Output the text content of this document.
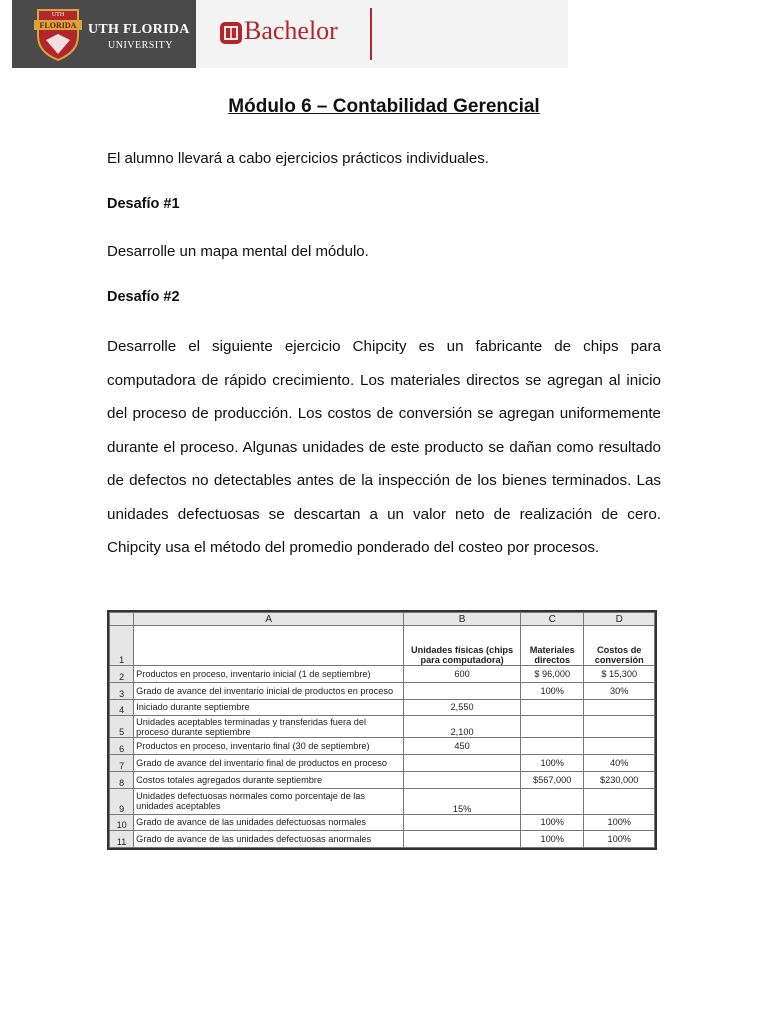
UTH
FLORIDA UTH FLORIDA
UNIVERSITY
Bachelor
Módulo 6 – Contabilidad Gerencial
El alumno llevará a cabo ejercicios prácticos individuales.
Desafío #1
Desarrolle un mapa mental del módulo.
Desafío #2
Desarrolle el siguiente ejercicio Chipcity es un fabricante de chips para computadora de rápido crecimiento. Los materiales directos se agregan al inicio del proceso de producción. Los costos de conversión se agregan uniformemente durante el proceso. Algunas unidades de este producto se dañan como resultado de defectos no detectables antes de la inspección de los bienes terminados. Las unidades defectuosas se descartan a un valor neto de realización de cero. Chipcity usa el método del promedio ponderado del costeo por procesos.
	A	B	C	D
1		Unidades físicas (chips para computadora)	Materiales directos	Costos de conversión
2	Productos en proceso, inventario inicial (1 de septiembre)	600	$ 96,000	$ 15,300
3	Grado de avance del inventario inicial de productos en proceso		100%	30%
4	Iniciado durante septiembre	2,550		
5	Unidades aceptables terminadas y transferidas fuera del proceso durante septiembre	2,100		
6	Productos en proceso, inventario final (30 de septiembre)	450		
7	Grado de avance del inventario final de productos en proceso		100%	40%
8	Costos totales agregados durante septiembre		$567,000	$230,000
9	Unidades defectuosas normales como porcentaje de las unidades aceptables	15%		
10	Grado de avance de las unidades defectuosas normales		100%	100%
11	Grado de avance de las unidades defectuosas anormales		100%	100%
